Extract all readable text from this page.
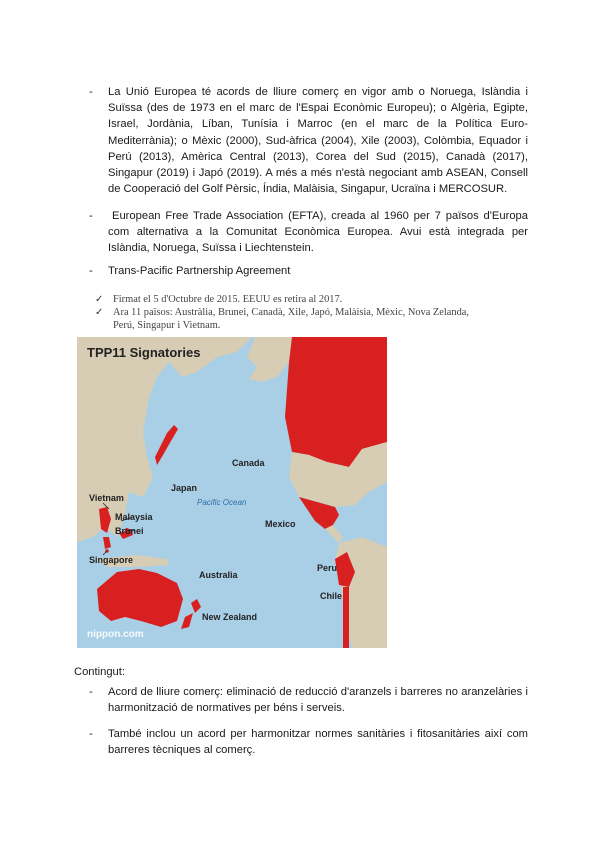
- La Unió Europea té acords de lliure comerç en vigor amb o Noruega, Islàndia i Suïssa (des de 1973 en el marc de l'Espai Econòmic Europeu); o Algèria, Egipte, Israel, Jordània, Líban, Tunísia i Marroc (en el marc de la Política Euro-Mediterrània); o Mèxic (2000), Sud-àfrica (2004), Xile (2003), Colòmbia, Equador i Perú (2013), Amèrica Central (2013), Corea del Sud (2015), Canadà (2017), Singapur (2019) i Japó (2019). A més a més n'està negociant amb ASEAN, Consell de Cooperació del Golf Pèrsic, Índia, Malàisia, Singapur, Ucraïna i MERCOSUR.
-	European Free Trade Association (EFTA), creada al 1960 per 7 països d'Europa com alternativa a la Comunitat Econòmica Europea. Avui està integrada per Islàndia, Noruega, Suïssa i Liechtenstein.
- Trans-Pacific Partnership Agreement
✓ Firmat el 5 d'Octubre de 2015. EEUU es retira al 2017.
✓ Ara 11 països: Austràlia, Brunei, Canadà, Xile, Japó, Malàisia, Mèxic, Nova Zelanda, Perú, Singapur i Vietnam.
TPP11 Signatories
Canada
Japan
Vietnam
Malaysia
Brunei
Singapore
Australia
Mexico
Peru
Chile
New Zealand
Pacific Ocean
nippon.com
Contingut:
- Acord de lliure comerç: eliminació de reducció d'aranzels i barreres no aranzelàries i harmonització de normatives per béns i serveis.
- També inclou un acord per harmonitzar normes sanitàries i fitosanitàries així com barreres tècniques al comerç.
